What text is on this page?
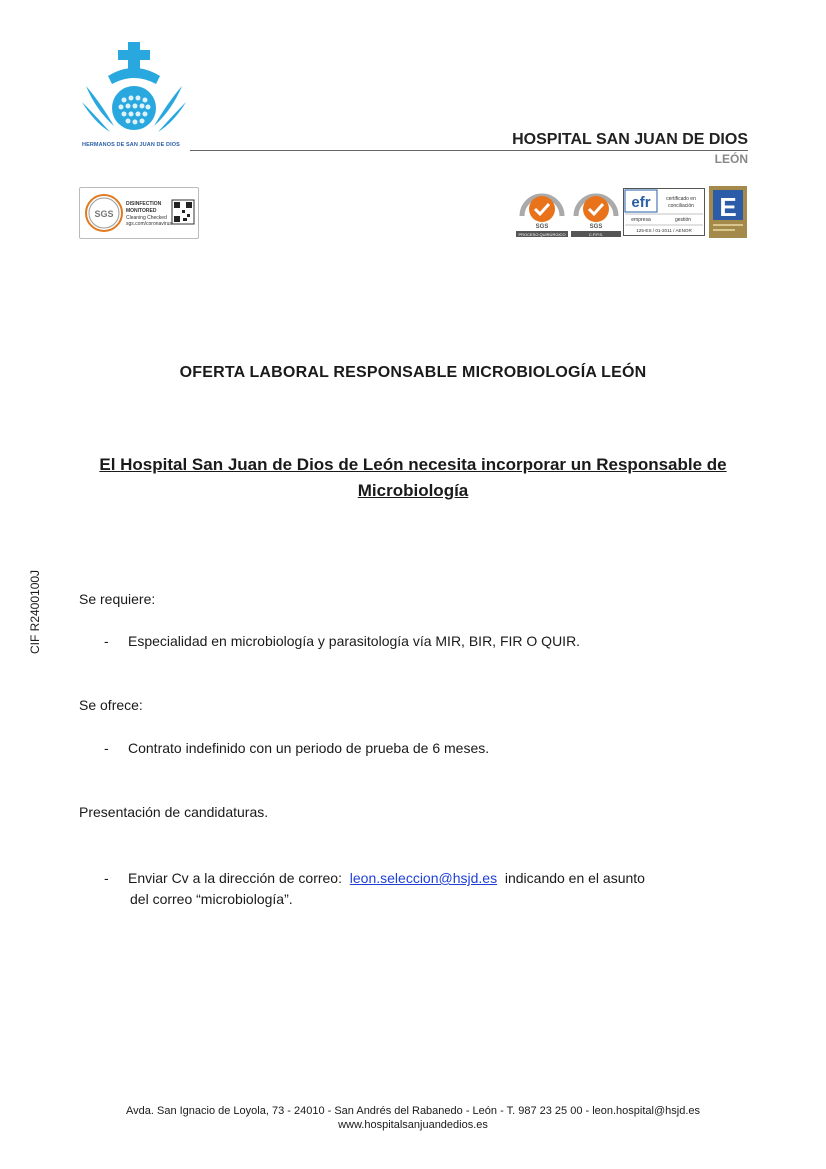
HERMANOS DE SAN JUAN DE DIOS	HOSPITAL SAN JUAN DE DIOS
LEÓN
SGS
DISINFECTION
MONITORED
Cleaning Checked
sgs.com/coronavirus	SGS
PROCESO QUIRÚRGICO
SGS
C.P.P.S.
efr	certificado en
conciliación
empresa	gestión
125-ES / 01-2011 / AENOR
E
CIF R2400100J
OFERTA LABORAL RESPONSABLE MICROBIOLOGÍA LEÓN
El Hospital San Juan de Dios de León necesita incorporar un Responsable de
Microbiología
Se requiere:
- Especialidad en microbiología y parasitología vía MIR, BIR, FIR O QUIR.
Se ofrece:
- Contrato indefinido con un periodo de prueba de 6 meses.
Presentación de candidaturas.
- Enviar Cv a la dirección de correo: leon.seleccion@hsjd.es indicando en el asunto
del correo “microbiología”.
Avda. San Ignacio de Loyola, 73 - 24010 - San Andrés del Rabanedo - León - T. 987 23 25 00 - leon.hospital@hsjd.es
www.hospitalsanjuandedios.es
